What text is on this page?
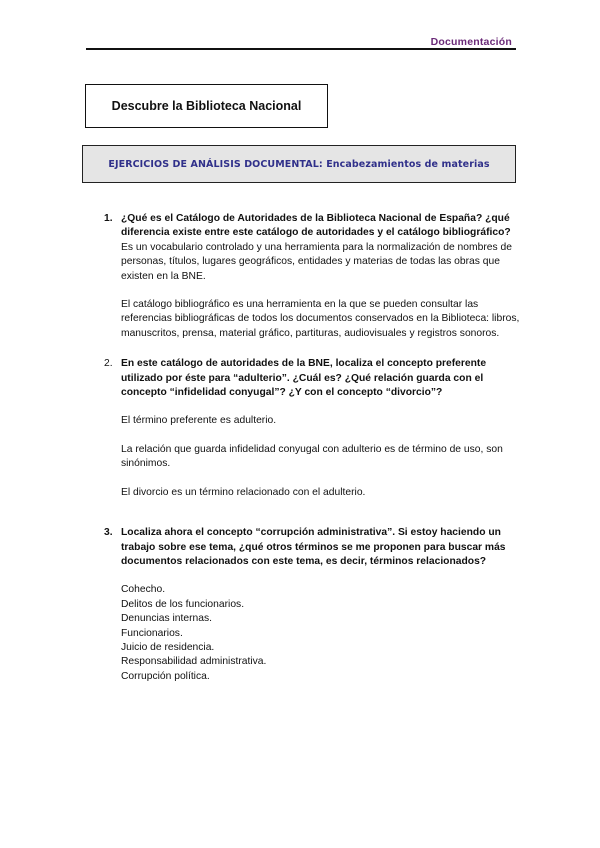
Documentación
Descubre la Biblioteca Nacional
EJERCICIOS DE ANÁLISIS DOCUMENTAL: Encabezamientos de materias
1. ¿Qué es el Catálogo de Autoridades de la Biblioteca Nacional de España? ¿qué diferencia existe entre este catálogo de autoridades y el catálogo bibliográfico?
Es un vocabulario controlado y una herramienta para la normalización de nombres de personas, títulos, lugares geográficos, entidades y materias de todas las obras que existen en la BNE.
El catálogo bibliográfico es una herramienta en la que se pueden consultar las referencias bibliográficas de todos los documentos conservados en la Biblioteca: libros, manuscritos, prensa, material gráfico, partituras, audiovisuales y registros sonoros.
2. En este catálogo de autoridades de la BNE, localiza el concepto preferente utilizado por éste para “adulterio”. ¿Cuál es? ¿Qué relación guarda con el concepto “infidelidad conyugal”? ¿Y con el concepto “divorcio”?
El término preferente es adulterio.
La relación que guarda infidelidad conyugal con adulterio es de término de uso, son sinónimos.
El divorcio es un término relacionado con el adulterio.
3. Localiza ahora el concepto “corrupción administrativa”. Si estoy haciendo un trabajo sobre ese tema, ¿qué otros términos se me proponen para buscar más documentos relacionados con este tema, es decir, términos relacionados?
Cohecho.
Delitos de los funcionarios.
Denuncias internas.
Funcionarios.
Juicio de residencia.
Responsabilidad administrativa.
Corrupción política.
